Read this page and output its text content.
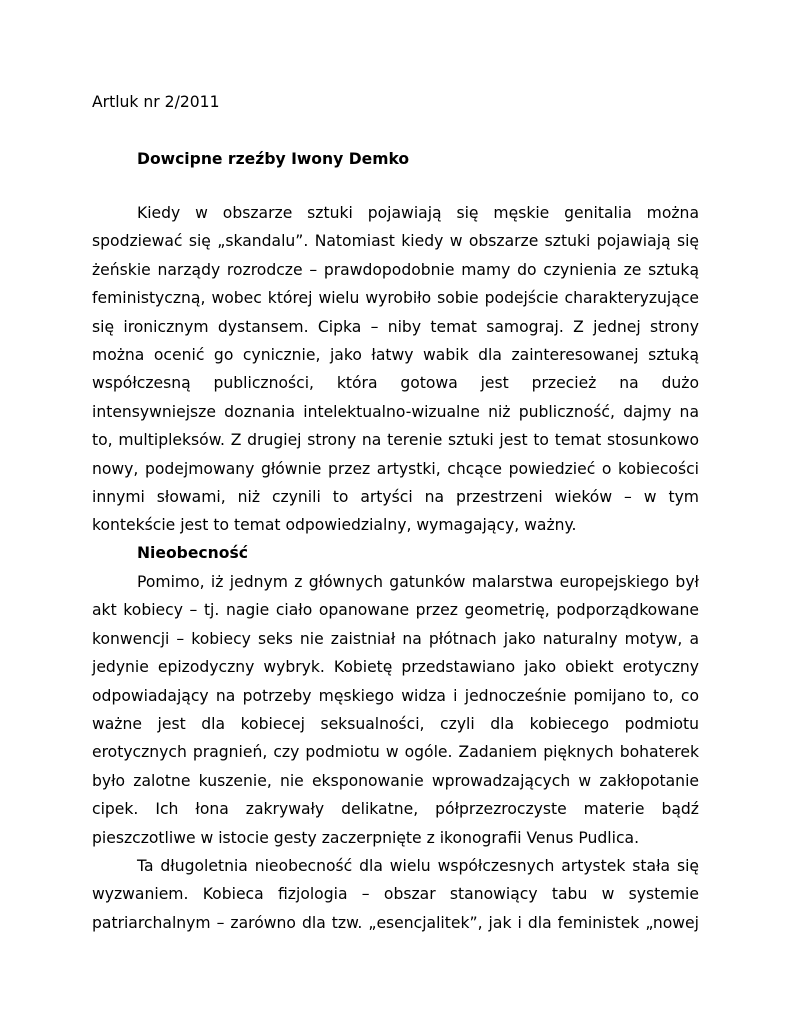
Artluk nr 2/2011
Dowcipne rzeźby Iwony Demko
Kiedy w obszarze sztuki pojawiają się męskie genitalia można
spodziewać się „skandalu”. Natomiast kiedy w obszarze sztuki pojawiają się
żeńskie narządy rozrodcze – prawdopodobnie mamy do czynienia ze sztuką
feministyczną, wobec której wielu wyrobiło sobie podejście charakteryzujące
się ironicznym dystansem. Cipka – niby temat samograj. Z jednej strony
można ocenić go cynicznie, jako łatwy wabik dla zainteresowanej sztuką
współczesną publiczności, która gotowa jest przecież na dużo
intensywniejsze doznania intelektualno-wizualne niż publiczność, dajmy na
to, multipleksów. Z drugiej strony na terenie sztuki jest to temat stosunkowo
nowy, podejmowany głównie przez artystki, chcące powiedzieć o kobiecości
innymi słowami, niż czynili to artyści na przestrzeni wieków – w tym
kontekście jest to temat odpowiedzialny, wymagający, ważny.
Nieobecność
Pomimo, iż jednym z głównych gatunków malarstwa europejskiego był
akt kobiecy – tj. nagie ciało opanowane przez geometrię, podporządkowane
konwencji – kobiecy seks nie zaistniał na płótnach jako naturalny motyw, a
jedynie epizodyczny wybryk. Kobietę przedstawiano jako obiekt erotyczny
odpowiadający na potrzeby męskiego widza i jednocześnie pomijano to, co
ważne jest dla kobiecej seksualności, czyli dla kobiecego podmiotu
erotycznych pragnień, czy podmiotu w ogóle. Zadaniem pięknych bohaterek
było zalotne kuszenie, nie eksponowanie wprowadzających w zakłopotanie
cipek. Ich łona zakrywały delikatne, półprzezroczyste materie bądź
pieszczotliwe w istocie gesty zaczerpnięte z ikonografii Venus Pudlica.
Ta długoletnia nieobecność dla wielu współczesnych artystek stała się
wyzwaniem. Kobieca fizjologia – obszar stanowiący tabu w systemie
patriarchalnym – zarówno dla tzw. „esencjalitek”, jak i dla feministek „nowej
